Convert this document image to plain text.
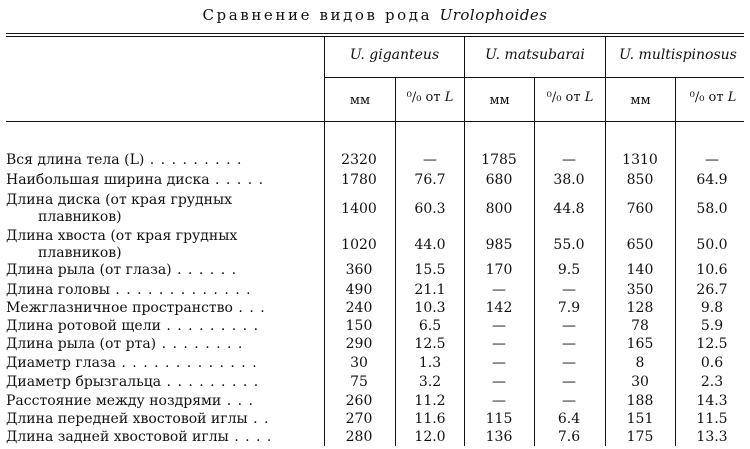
Сравнение видов рода Urolophoides
U. giganteus	U. matsubarai	U. multispinosus
мм	⁰/₀ от L	мм	⁰/₀ от L	мм	⁰/₀ от L
Вся длина тела (L) . . . . . . . . .	2320	—	1785	—	1310	—
Наибольшая ширина диска . . . . .	1780	76.7	680	38.0	850	64.9
Длина диска (от края грудных
плавников)	1400	60.3	800	44.8	760	58.0
Длина хвоста (от края грудных
плавников)	1020	44.0	985	55.0	650	50.0
Длина рыла (от глаза) . . . . . .	360	15.5	170	9.5	140	10.6
Длина головы . . . . . . . . . . . . .	490	21.1	—	—	350	26.7
Межглазничное пространство . . .	240	10.3	142	7.9	128	9.8
Длина ротовой щели . . . . . . . . .	150	6.5	—	—	78	5.9
Длина рыла (от рта) . . . . . . . .	290	12.5	—	—	165	12.5
Диаметр глаза . . . . . . . . . . . . .	30	1.3	—	—	8	0.6
Диаметр брызгальца . . . . . . . . .	75	3.2	—	—	30	2.3
Расстояние между ноздрями . . .	260	11.2	—	—	188	14.3
Длина передней хвостовой иглы . .	270	11.6	115	6.4	151	11.5
Длина задней хвостовой иглы . . . .	280	12.0	136	7.6	175	13.3
